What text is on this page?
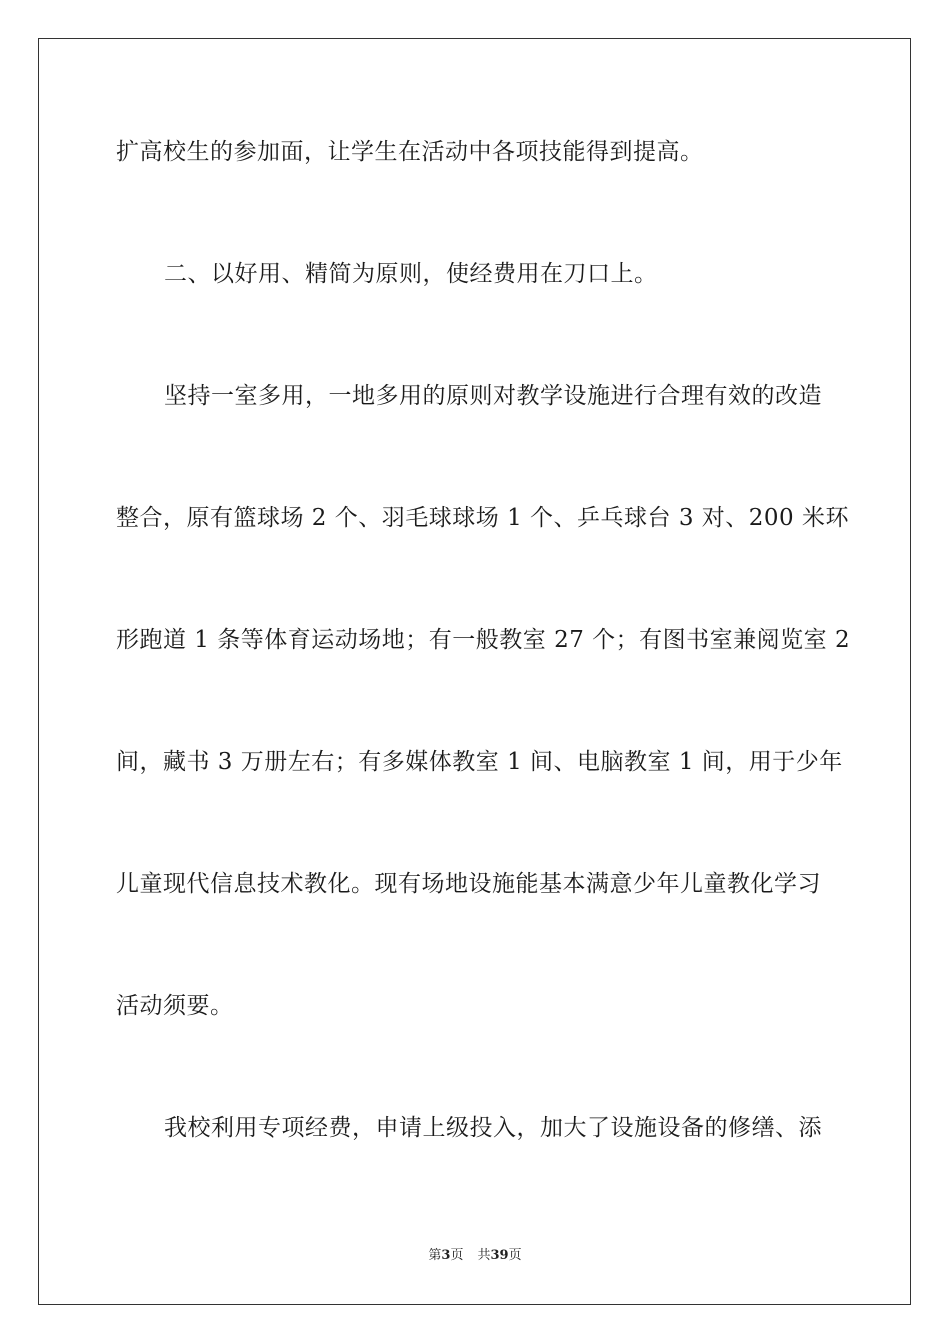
扩高校生的参加面，让学生在活动中各项技能得到提高。
二、以好用、精简为原则，使经费用在刀口上。
坚持一室多用，一地多用的原则对教学设施进行合理有效的改造
整合，原有篮球场 2 个、羽毛球球场 1 个、乒乓球台 3 对、200 米环
形跑道 1 条等体育运动场地；有一般教室 27 个；有图书室兼阅览室 2
间，藏书 3 万册左右；有多媒体教室 1 间、电脑教室 1 间，用于少年
儿童现代信息技术教化。现有场地设施能基本满意少年儿童教化学习
活动须要。
我校利用专项经费，申请上级投入，加大了设施设备的修缮、添
第3页 共39页
